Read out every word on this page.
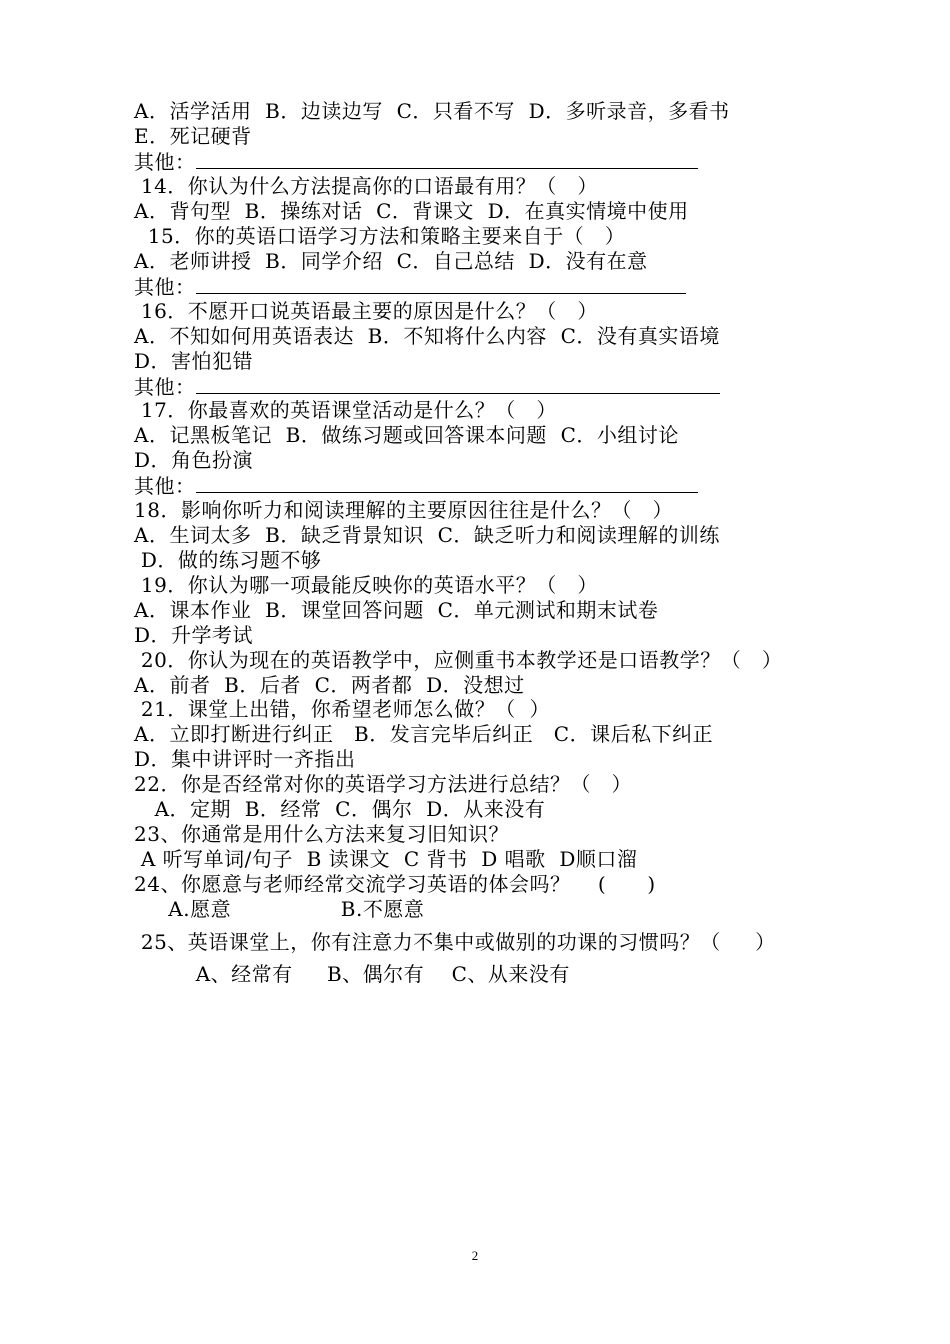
A．活学活用  B．边读边写  C．只看不写  D．多听录音，多看书
E．死记硬背
其他：
14．你认为什么方法提高你的口语最有用？（   ）
A．背句型  B．操练对话  C．背课文  D．在真实情境中使用
15．你的英语口语学习方法和策略主要来自于（   ）
A．老师讲授  B．同学介绍  C．自己总结  D．没有在意
其他：
16．不愿开口说英语最主要的原因是什么？（   ）
A．不知如何用英语表达  B．不知将什么内容  C．没有真实语境
D．害怕犯错
其他：
17．你最喜欢的英语课堂活动是什么？（   ）
A．记黑板笔记  B．做练习题或回答课本问题  C．小组讨论
D．角色扮演
其他：
18．影响你听力和阅读理解的主要原因往往是什么？（   ）
A．生词太多  B．缺乏背景知识  C．缺乏听力和阅读理解的训练
D．做的练习题不够
19．你认为哪一项最能反映你的英语水平？（   ）
A．课本作业  B．课堂回答问题  C．单元测试和期末试卷
D．升学考试
20．你认为现在的英语教学中，应侧重书本教学还是口语教学？（   ）
A．前者  B．后者  C．两者都  D．没想过
21．课堂上出错，你希望老师怎么做？（  ）
A．立即打断进行纠正   B．发言完毕后纠正   C．课后私下纠正
D．集中讲评时一齐指出
22．你是否经常对你的英语学习方法进行总结？（   ）
A．定期  B．经常  C．偶尔  D．从来没有
23、你通常是用什么方法来复习旧知识？
A 听写单词/句子  B 读课文  C 背书  D 唱歌  D顺口溜
24、你愿意与老师经常交流学习英语的体会吗？    (      )
A.愿意                B.不愿意
25、英语课堂上，你有注意力不集中或做别的功课的习惯吗？（     ）
A、经常有     B、偶尔有    C、从来没有
2
